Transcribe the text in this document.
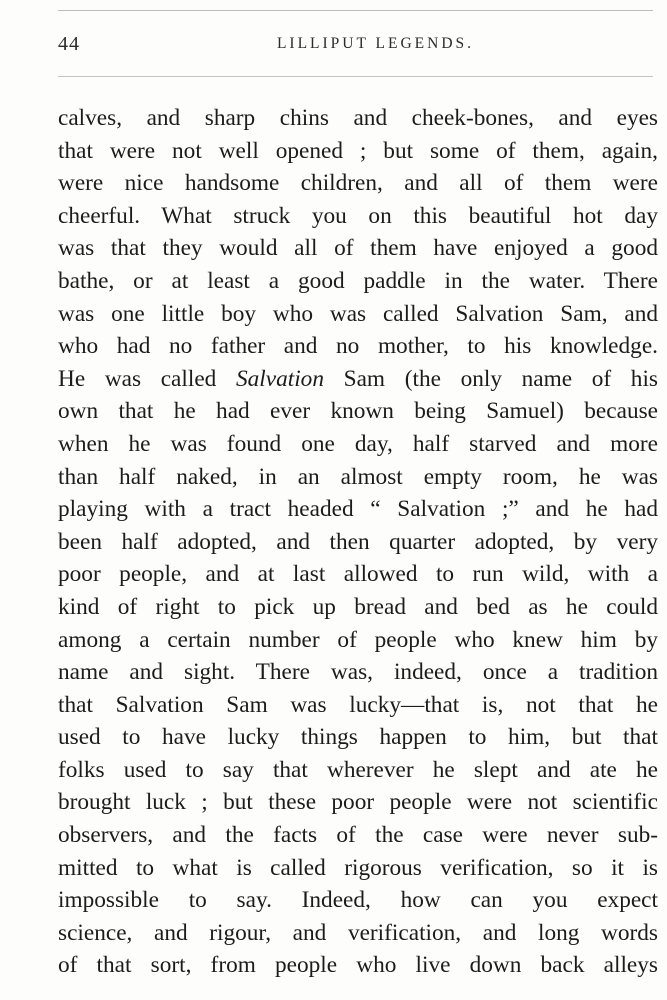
44	LILLIPUT LEGENDS.
calves, and sharp chins and cheek-bones, and eyes
that were not well opened ; but some of them, again,
were nice handsome children, and all of them were
cheerful. What struck you on this beautiful hot day
was that they would all of them have enjoyed a good
bathe, or at least a good paddle in the water. There
was one little boy who was called Salvation Sam, and
who had no father and no mother, to his knowledge.
He was called Salvation Sam (the only name of his
own that he had ever known being Samuel) because
when he was found one day, half starved and more
than half naked, in an almost empty room, he was
playing with a tract headed “ Salvation ;” and he had
been half adopted, and then quarter adopted, by very
poor people, and at last allowed to run wild, with a
kind of right to pick up bread and bed as he could
among a certain number of people who knew him by
name and sight. There was, indeed, once a tradition
that Salvation Sam was lucky—that is, not that he
used to have lucky things happen to him, but that
folks used to say that wherever he slept and ate he
brought luck ; but these poor people were not scientific
observers, and the facts of the case were never sub-
mitted to what is called rigorous verification, so it is
impossible to say. Indeed, how can you expect
science, and rigour, and verification, and long words
of that sort, from people who live down back alleys
